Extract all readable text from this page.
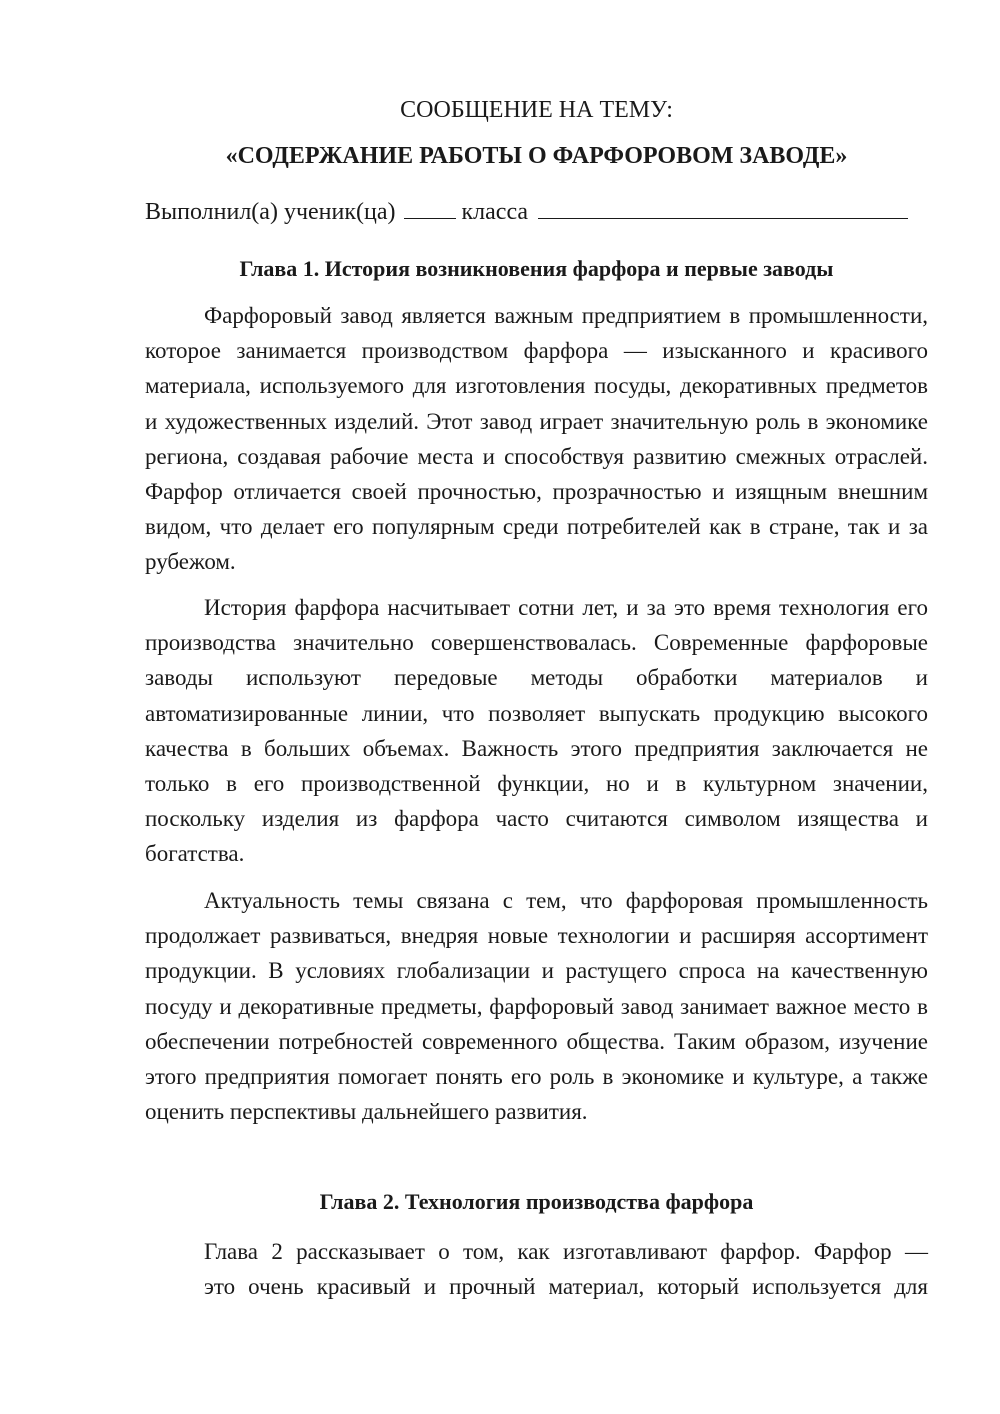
СООБЩЕНИЕ НА ТЕМУ:
«СОДЕРЖАНИЕ РАБОТЫ О ФАРФОРОВОМ ЗАВОДЕ»
Выполнил(а) ученик(ца)	класса
Глава 1. История возникновения фарфора и первые заводы

Фарфоровый завод является важным предприятием в промышленности, которое занимается производством фарфора — изысканного и красивого материала, используемого для изготовления посуды, декоративных предметов и художественных изделий. Этот завод играет значительную роль в экономике региона, создавая рабочие места и способствуя развитию смежных отраслей. Фарфор отличается своей прочностью, прозрачностью и изящным внешним видом, что делает его популярным среди потребителей как в стране, так и за рубежом.

История фарфора насчитывает сотни лет, и за это время технология его производства значительно совершенствовалась. Современные фарфоровые заводы используют передовые методы обработки материалов и автоматизированные линии, что позволяет выпускать продукцию высокого качества в больших объемах. Важность этого предприятия заключается не только в его производственной функции, но и в культурном значении, поскольку изделия из фарфора часто считаются символом изящества и богатства.

Актуальность темы связана с тем, что фарфоровая промышленность продолжает развиваться, внедряя новые технологии и расширяя ассортимент продукции. В условиях глобализации и растущего спроса на качественную посуду и декоративные предметы, фарфоровый завод занимает важное место в обеспечении потребностей современного общества. Таким образом, изучение этого предприятия помогает понять его роль в экономике и культуре, а также оценить перспективы дальнейшего развития.

Глава 2. Технология производства фарфора
Глава 2 рассказывает о том, как изготавливают фарфор. Фарфор —
это очень красивый и прочный материал, который используется для
